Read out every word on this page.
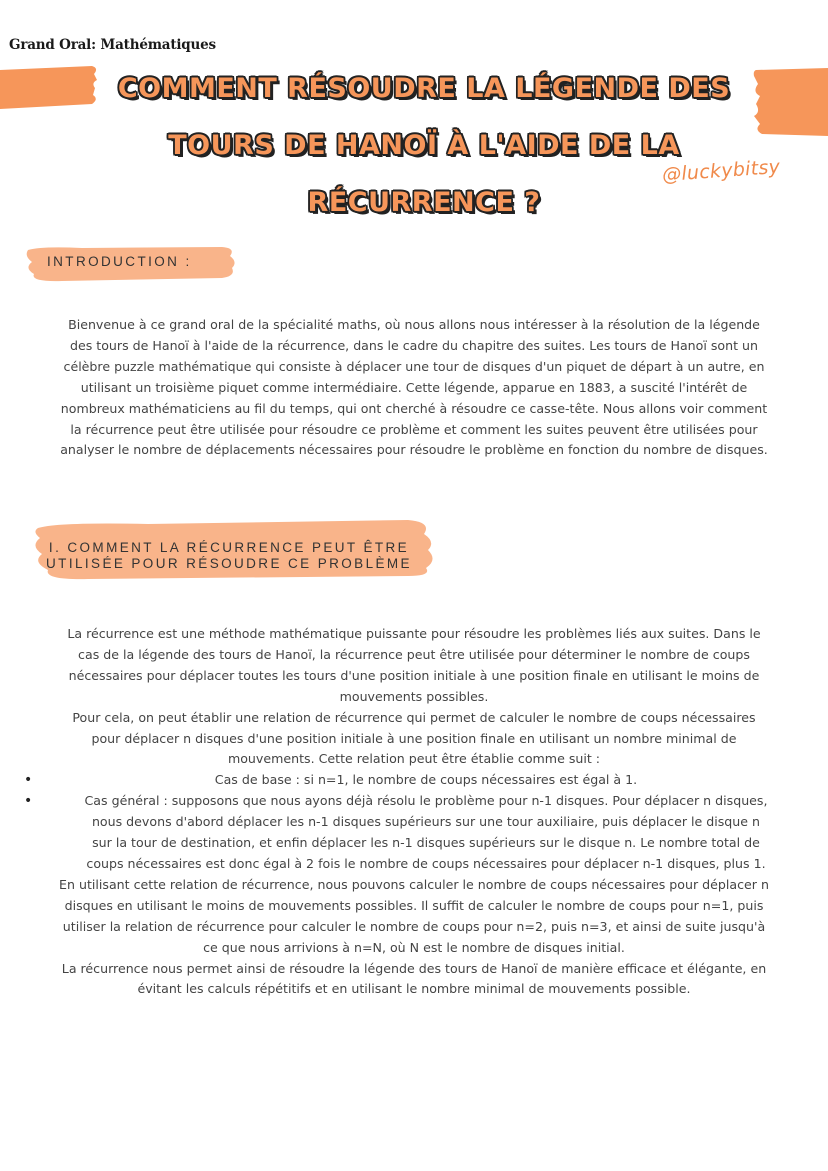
Grand Oral: Mathématiques
COMMENT RÉSOUDRE LA LÉGENDE DES
TOURS DE HANOÏ À L'AIDE DE LA
RÉCURRENCE ?
@luckybitsy
INTRODUCTION :
Bienvenue à ce grand oral de la spécialité maths, où nous allons nous intéresser à la résolution de la légende
des tours de Hanoï à l'aide de la récurrence, dans le cadre du chapitre des suites. Les tours de Hanoï sont un
célèbre puzzle mathématique qui consiste à déplacer une tour de disques d'un piquet de départ à un autre, en
utilisant un troisième piquet comme intermédiaire. Cette légende, apparue en 1883, a suscité l'intérêt de
nombreux mathématiciens au fil du temps, qui ont cherché à résoudre ce casse-tête. Nous allons voir comment
la récurrence peut être utilisée pour résoudre ce problème et comment les suites peuvent être utilisées pour
analyser le nombre de déplacements nécessaires pour résoudre le problème en fonction du nombre de disques.
I. COMMENT LA RÉCURRENCE PEUT ÊTRE
UTILISÉE POUR RÉSOUDRE CE PROBLÈME
La récurrence est une méthode mathématique puissante pour résoudre les problèmes liés aux suites. Dans le
cas de la légende des tours de Hanoï, la récurrence peut être utilisée pour déterminer le nombre de coups
nécessaires pour déplacer toutes les tours d'une position initiale à une position finale en utilisant le moins de
mouvements possibles.
Pour cela, on peut établir une relation de récurrence qui permet de calculer le nombre de coups nécessaires
pour déplacer n disques d'une position initiale à une position finale en utilisant un nombre minimal de
mouvements. Cette relation peut être établie comme suit :
• Cas de base : si n=1, le nombre de coups nécessaires est égal à 1.
• Cas général : supposons que nous ayons déjà résolu le problème pour n-1 disques. Pour déplacer n disques,
nous devons d'abord déplacer les n-1 disques supérieurs sur une tour auxiliaire, puis déplacer le disque n
sur la tour de destination, et enfin déplacer les n-1 disques supérieurs sur le disque n. Le nombre total de
coups nécessaires est donc égal à 2 fois le nombre de coups nécessaires pour déplacer n-1 disques, plus 1.
En utilisant cette relation de récurrence, nous pouvons calculer le nombre de coups nécessaires pour déplacer n
disques en utilisant le moins de mouvements possibles. Il suffit de calculer le nombre de coups pour n=1, puis
utiliser la relation de récurrence pour calculer le nombre de coups pour n=2, puis n=3, et ainsi de suite jusqu'à
ce que nous arrivions à n=N, où N est le nombre de disques initial.
La récurrence nous permet ainsi de résoudre la légende des tours de Hanoï de manière efficace et élégante, en
évitant les calculs répétitifs et en utilisant le nombre minimal de mouvements possible.
